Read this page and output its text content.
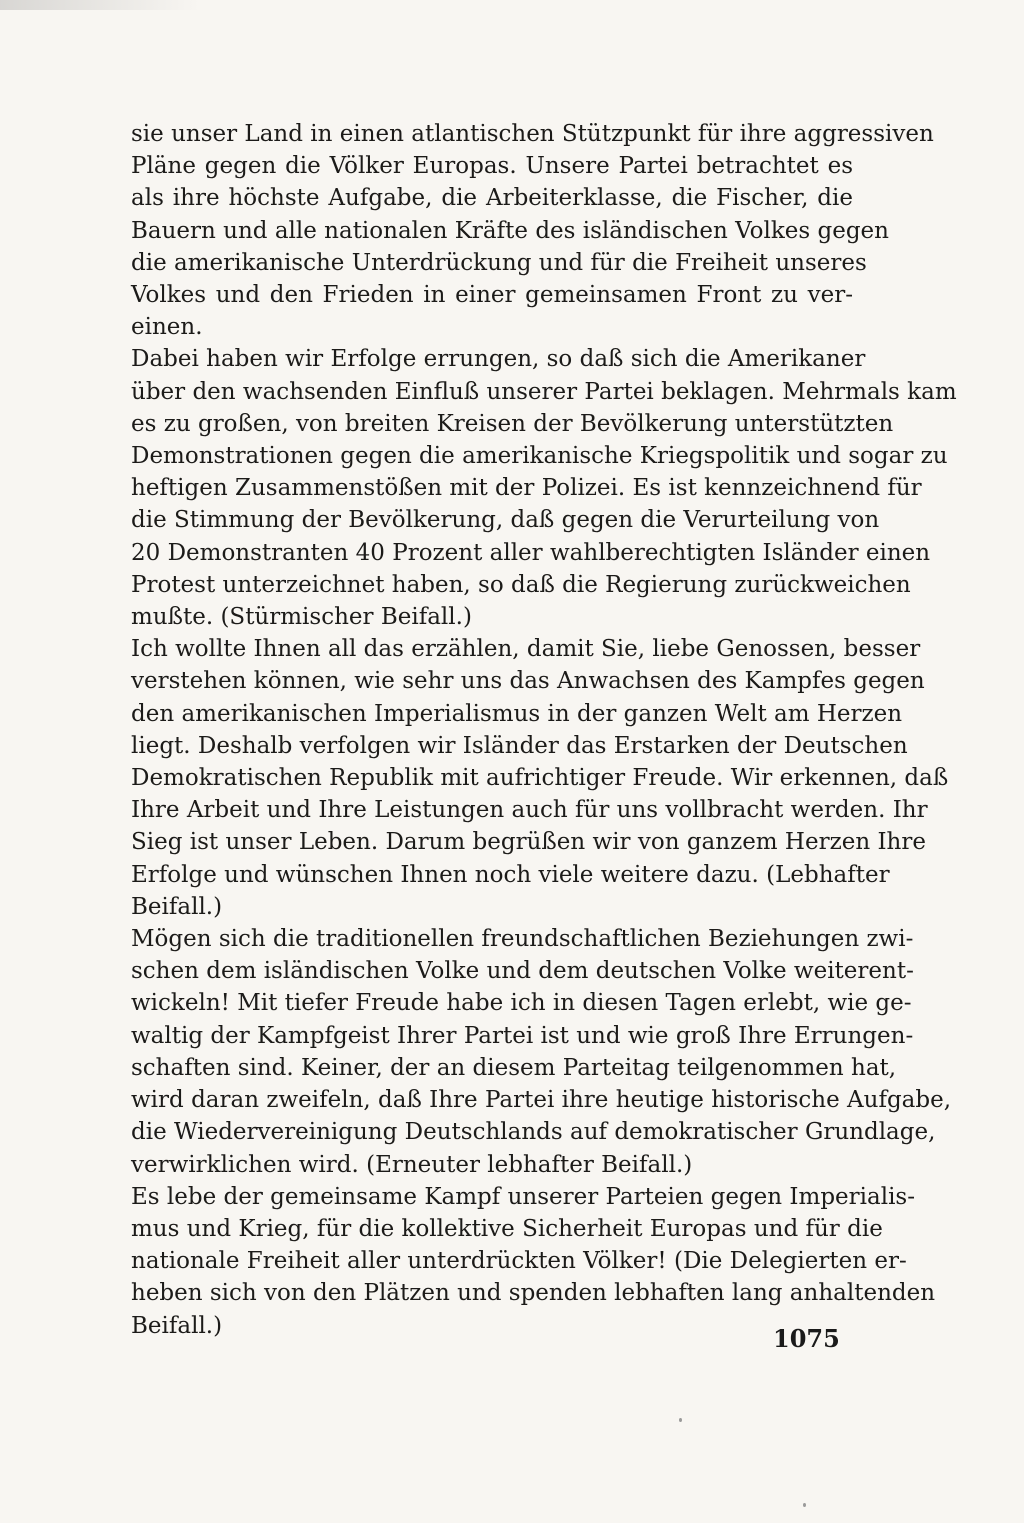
sie unser Land in einen atlantischen Stützpunkt für ihre aggressiven
Pläne gegen die Völker Europas. Unsere Partei betrachtet es
als ihre höchste Aufgabe, die Arbeiterklasse, die Fischer, die
Bauern und alle nationalen Kräfte des isländischen Volkes gegen
die amerikanische Unterdrückung und für die Freiheit unseres
Volkes und den Frieden in einer gemeinsamen Front zu ver-
einen.

Dabei haben wir Erfolge errungen, so daß sich die Amerikaner
über den wachsenden Einfluß unserer Partei beklagen. Mehrmals kam
es zu großen, von breiten Kreisen der Bevölkerung unterstützten
Demonstrationen gegen die amerikanische Kriegspolitik und sogar zu
heftigen Zusammenstößen mit der Polizei. Es ist kennzeichnend für
die Stimmung der Bevölkerung, daß gegen die Verurteilung von
20 Demonstranten 40 Prozent aller wahlberechtigten Isländer einen
Protest unterzeichnet haben, so daß die Regierung zurückweichen
mußte. (Stürmischer Beifall.)

Ich wollte Ihnen all das erzählen, damit Sie, liebe Genossen, besser
verstehen können, wie sehr uns das Anwachsen des Kampfes gegen
den amerikanischen Imperialismus in der ganzen Welt am Herzen
liegt. Deshalb verfolgen wir Isländer das Erstarken der Deutschen
Demokratischen Republik mit aufrichtiger Freude. Wir erkennen, daß
Ihre Arbeit und Ihre Leistungen auch für uns vollbracht werden. Ihr
Sieg ist unser Leben. Darum begrüßen wir von ganzem Herzen Ihre
Erfolge und wünschen Ihnen noch viele weitere dazu. (Lebhafter
Beifall.)

Mögen sich die traditionellen freundschaftlichen Beziehungen zwi-
schen dem isländischen Volke und dem deutschen Volke weiterent-
wickeln! Mit tiefer Freude habe ich in diesen Tagen erlebt, wie ge-
waltig der Kampfgeist Ihrer Partei ist und wie groß Ihre Errungen-
schaften sind. Keiner, der an diesem Parteitag teilgenommen hat,
wird daran zweifeln, daß Ihre Partei ihre heutige historische Aufgabe,
die Wiedervereinigung Deutschlands auf demokratischer Grundlage,
verwirklichen wird. (Erneuter lebhafter Beifall.)

Es lebe der gemeinsame Kampf unserer Parteien gegen Imperialis-
mus und Krieg, für die kollektive Sicherheit Europas und für die
nationale Freiheit aller unterdrückten Völker! (Die Delegierten er-
heben sich von den Plätzen und spenden lebhaften lang anhaltenden
Beifall.)	1075
